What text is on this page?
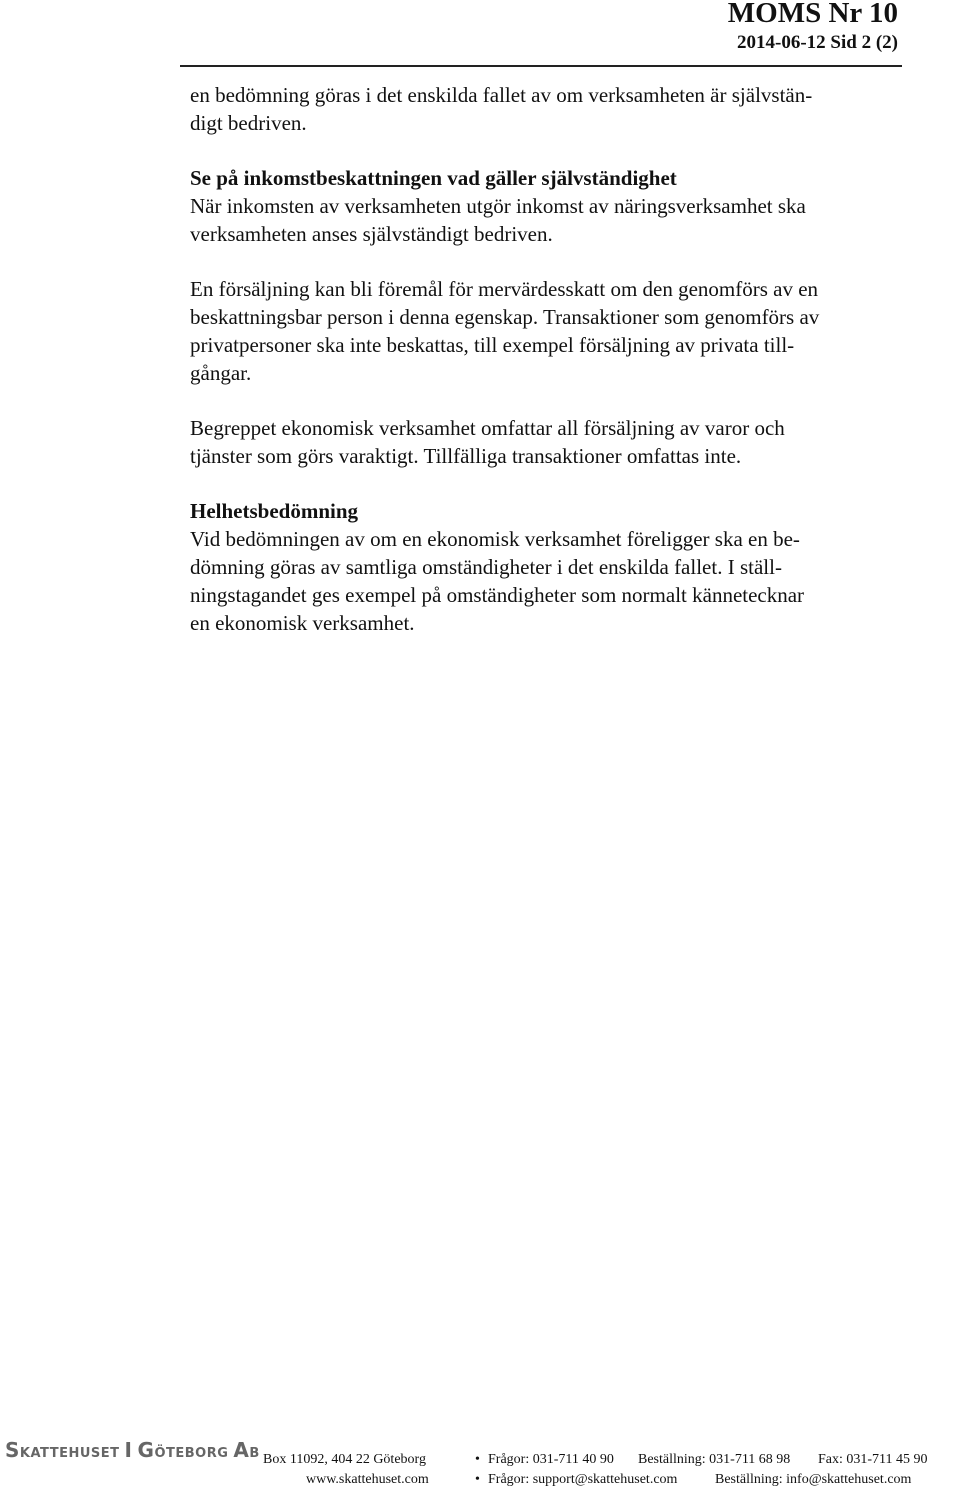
MOMS Nr 10
2014-06-12 Sid 2 (2)
en bedömning göras i det enskilda fallet av om verksamheten är självstän-
digt bedriven.
Se på inkomstbeskattningen vad gäller självständighet
När inkomsten av verksamheten utgör inkomst av näringsverksamhet ska
verksamheten anses självständigt bedriven.
En försäljning kan bli föremål för mervärdesskatt om den genomförs av en
beskattningsbar person i denna egenskap. Transaktioner som genomförs av
privatpersoner ska inte beskattas, till exempel försäljning av privata till-
gångar.
Begreppet ekonomisk verksamhet omfattar all försäljning av varor och
tjänster som görs varaktigt. Tillfälliga transaktioner omfattas inte.
Helhetsbedömning
Vid bedömningen av om en ekonomisk verksamhet föreligger ska en be-
dömning göras av samtliga omständigheter i det enskilda fallet. I ställ-
ningstagandet ges exempel på omständigheter som normalt kännetecknar
en ekonomisk verksamhet.
SKATTEHUSET I GÖTEBORG AB Box 11092, 404 22 Göteborg	• Frågor: 031-711 40 90 Beställning: 031-711 68 98 Fax: 031-711 45 90
www.skattehuset.com	• Frågor: support@skattehuset.com	Beställning: info@skattehuset.com
